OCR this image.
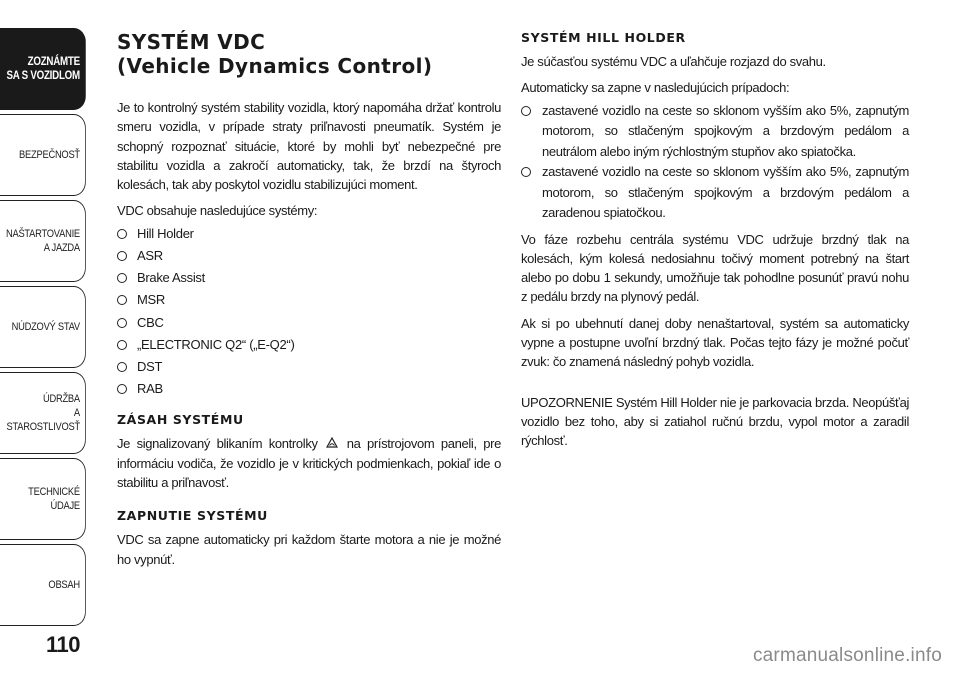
ZOZNÁMTE
SA S VOZIDLOM
BEZPEČNOSŤ
NAŠTARTOVANIE
A JAZDA
NÚDZOVÝ STAV
ÚDRŽBA
A STAROSTLIVOSŤ
TECHNICKÉ
ÚDAJE
OBSAH
110
SYSTÉM VDC
(Vehicle Dynamics Control)

Je to kontrolný systém stability vozidla, ktorý napomáha držať kontrolu smeru vozidla, v prípade straty priľnavosti pneumatík. Systém je schopný rozpoznať situácie, ktoré by mohli byť nebezpečné pre stabilitu vozidla a zakročí automaticky, tak, že brzdí na štyroch kolesách, tak aby poskytol vozidlu stabilizujúci moment.

VDC obsahuje nasledujúce systémy:

Hill Holder
ASR
Brake Assist
MSR
CBC
„ELECTRONIC Q2“ („E-Q2“)
DST
RAB
ZÁSAH SYSTÉMU

Je signalizovaný blikaním kontrolky na prístrojovom paneli, pre informáciu vodiča, že vozidlo je v kritických podmienkach, pokiaľ ide o stabilitu a priľnavosť.

ZAPNUTIE SYSTÉMU

VDC sa zapne automaticky pri každom štarte motora a nie je možné ho vypnúť.

SYSTÉM HILL HOLDER

Je súčasťou systému VDC a uľahčuje rozjazd do svahu.

Automaticky sa zapne v nasledujúcich prípadoch:

zastavené vozidlo na ceste so sklonom vyšším ako 5%, zapnutým motorom, so stlačeným spojkovým a brzdovým pedálom a neutrálom alebo iným rýchlostným stupňov ako spiatočka.
zastavené vozidlo na ceste so sklonom vyšším ako 5%, zapnutým motorom, so stlačeným spojkovým a brzdovým pedálom a zaradenou spiatočkou.

Vo fáze rozbehu centrála systému VDC udržuje brzdný tlak na kolesách, kým kolesá nedosiahnu točivý moment potrebný na štart alebo po dobu 1 sekundy, umožňuje tak pohodlne posunúť pravú nohu z pedálu brzdy na plynový pedál.

Ak si po ubehnutí danej doby nenaštartoval, systém sa automaticky vypne a postupne uvoľní brzdný tlak. Počas tejto fázy je možné počuť zvuk: čo znamená následný pohyb vozidla.

UPOZORNENIE Systém Hill Holder nie je parkovacia brzda. Neopúšťaj vozidlo bez toho, aby si zatiahol ručnú brzdu, vypol motor a zaradil rýchlosť.

carmanualsonline.info
